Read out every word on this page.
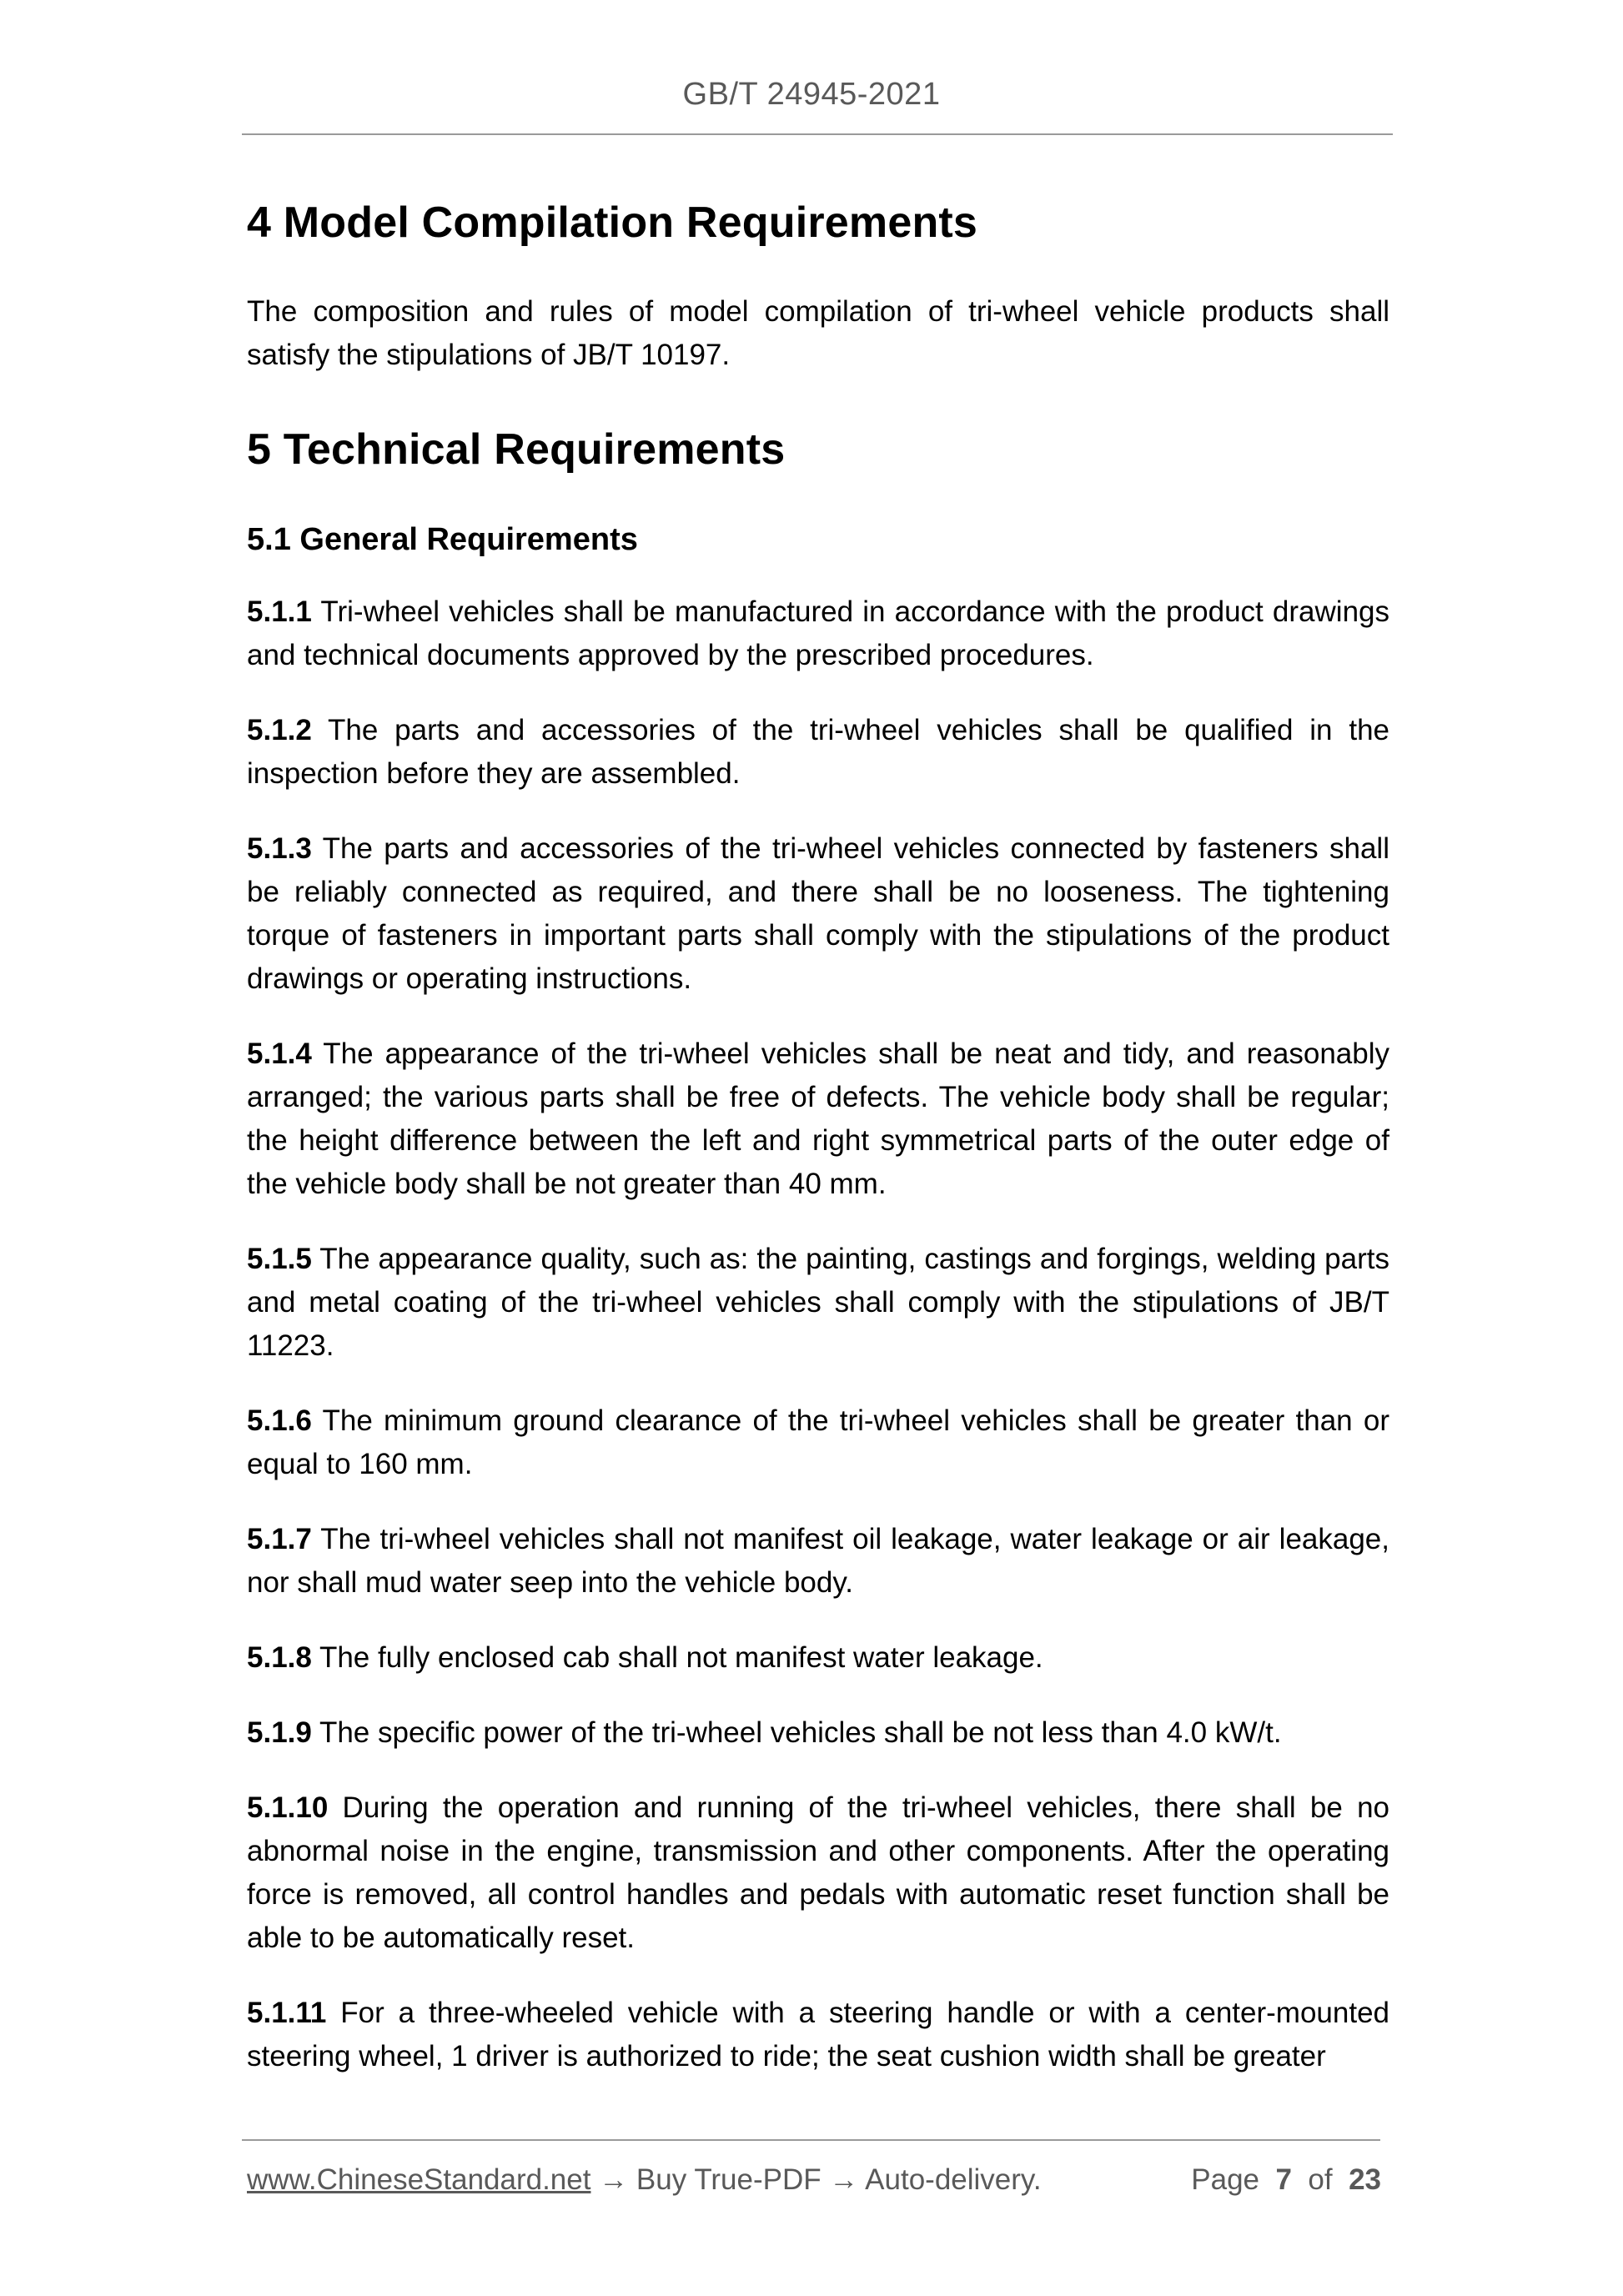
GB/T 24945-2021
4 Model Compilation Requirements

The composition and rules of model compilation of tri-wheel vehicle products shall satisfy the stipulations of JB/T 10197.

5 Technical Requirements
5.1 General Requirements

5.1.1 Tri-wheel vehicles shall be manufactured in accordance with the product drawings and technical documents approved by the prescribed procedures.

5.1.2 The parts and accessories of the tri-wheel vehicles shall be qualified in the inspection before they are assembled.

5.1.3 The parts and accessories of the tri-wheel vehicles connected by fasteners shall be reliably connected as required, and there shall be no looseness. The tightening torque of fasteners in important parts shall comply with the stipulations of the product drawings or operating instructions.

5.1.4 The appearance of the tri-wheel vehicles shall be neat and tidy, and reasonably arranged; the various parts shall be free of defects. The vehicle body shall be regular; the height difference between the left and right symmetrical parts of the outer edge of the vehicle body shall be not greater than 40 mm.

5.1.5 The appearance quality, such as: the painting, castings and forgings, welding parts and metal coating of the tri-wheel vehicles shall comply with the stipulations of JB/T 11223.

5.1.6 The minimum ground clearance of the tri-wheel vehicles shall be greater than or equal to 160 mm.

5.1.7 The tri-wheel vehicles shall not manifest oil leakage, water leakage or air leakage, nor shall mud water seep into the vehicle body.

5.1.8 The fully enclosed cab shall not manifest water leakage.

5.1.9 The specific power of the tri-wheel vehicles shall be not less than 4.0 kW/t.

5.1.10 During the operation and running of the tri-wheel vehicles, there shall be no abnormal noise in the engine, transmission and other components. After the operating force is removed, all control handles and pedals with automatic reset function shall be able to be automatically reset.

5.1.11 For a three-wheeled vehicle with a steering handle or with a center-mounted steering wheel, 1 driver is authorized to ride; the seat cushion width shall be greater

www.ChineseStandard.net → Buy True-PDF → Auto-delivery.	Page 7 of 23
